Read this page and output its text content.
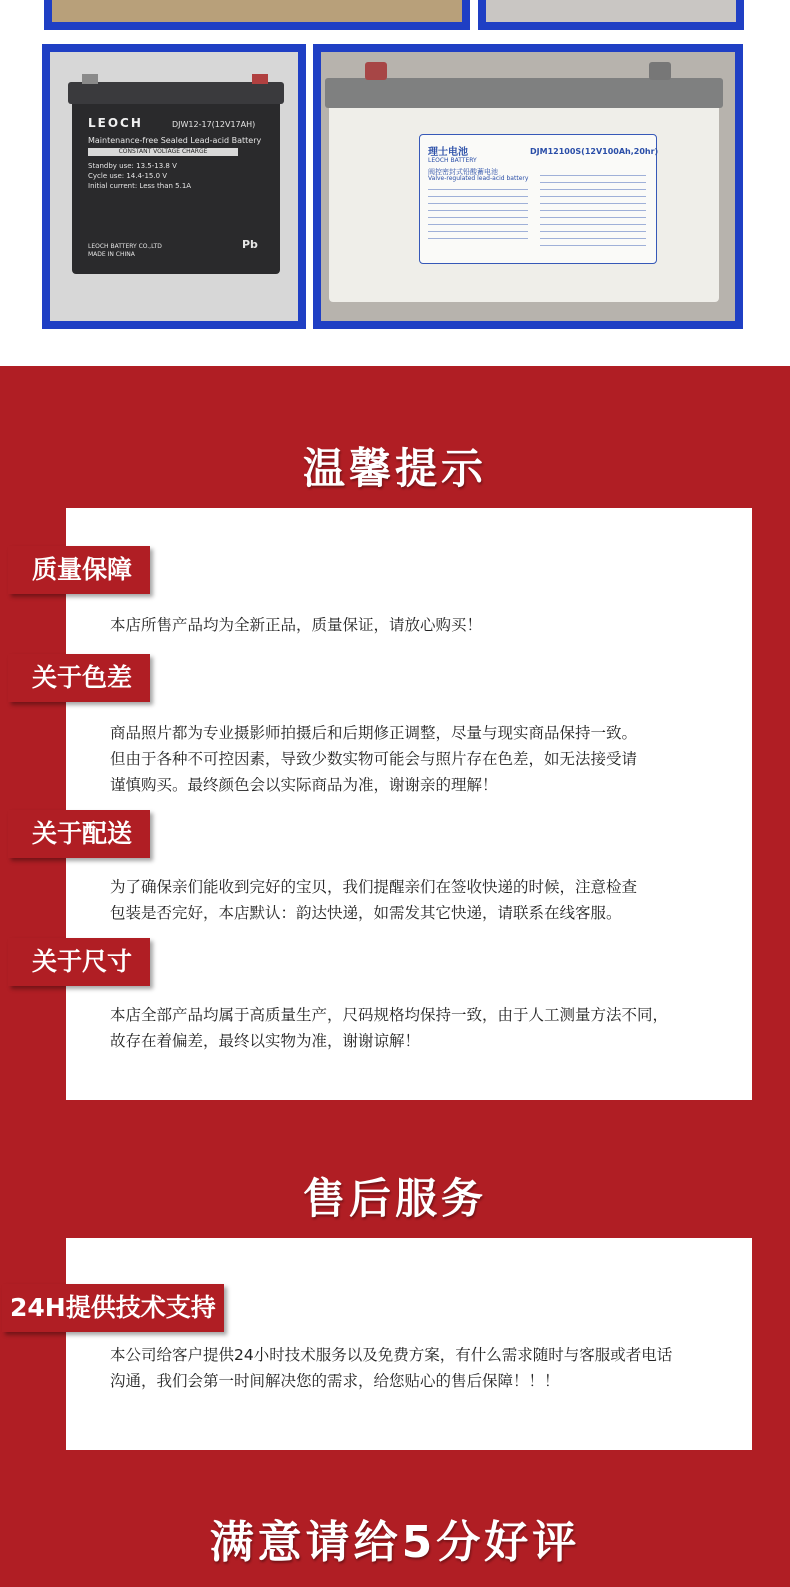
LEOCH	DJW12-17(12V17AH)
Maintenance-free Sealed Lead-acid Battery
CONSTANT VOLTAGE CHARGE
Standby use: 13.5-13.8 V
Cycle use: 14.4-15.0 V
Initial current: Less than 5.1A
LEOCH BATTERY CO.,LTD
MADE IN CHINA
Pb
理士电池
LEOCH BATTERY
DJM12100S(12V100Ah,20hr)
阀控密封式铅酸蓄电池
Valve-regulated lead-acid battery
温馨提示
质量保障
本店所售产品均为全新正品，质量保证，请放心购买！
关于色差
商品照片都为专业摄影师拍摄后和后期修正调整，尽量与现实商品保持一致。
但由于各种不可控因素，导致少数实物可能会与照片存在色差，如无法接受请
谨慎购买。最终颜色会以实际商品为准，谢谢亲的理解！
关于配送
为了确保亲们能收到完好的宝贝，我们提醒亲们在签收快递的时候，注意检查
包装是否完好，本店默认：韵达快递，如需发其它快递，请联系在线客服。
关于尺寸
本店全部产品均属于高质量生产，尺码规格均保持一致，由于人工测量方法不同，
故存在着偏差，最终以实物为准，谢谢谅解！
售后服务
24H提供技术支持
本公司给客户提供24小时技术服务以及免费方案，有什么需求随时与客服或者电话
沟通，我们会第一时间解决您的需求，给您贴心的售后保障！！！
满意请给5分好评
